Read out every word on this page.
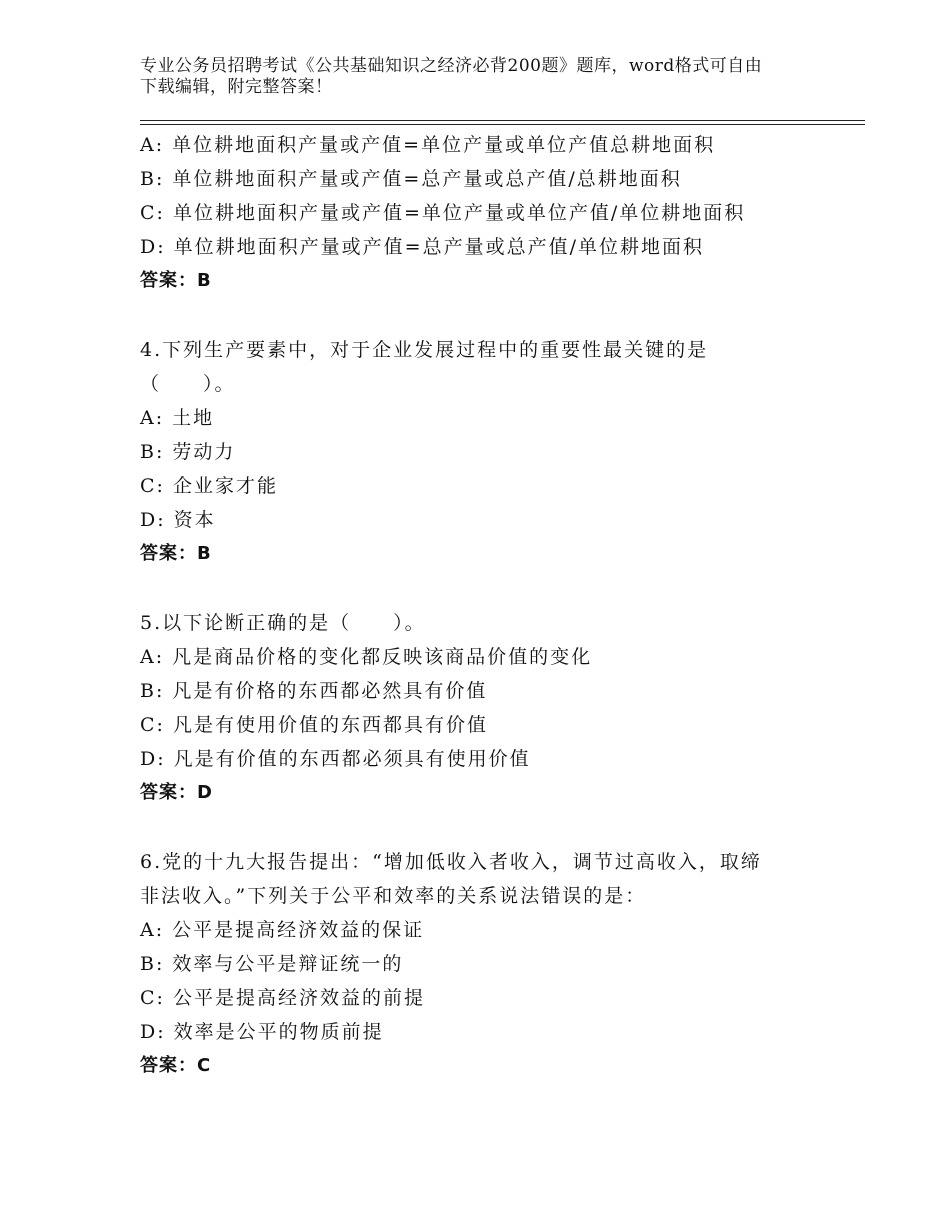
专业公务员招聘考试《公共基础知识之经济必背200题》题库，word格式可自由
下载编辑，附完整答案！
A: 单位耕地面积产量或产值=单位产量或单位产值总耕地面积
B: 单位耕地面积产量或产值=总产量或总产值/总耕地面积
C: 单位耕地面积产量或产值=单位产量或单位产值/单位耕地面积
D: 单位耕地面积产量或产值=总产量或总产值/单位耕地面积
答案：B
4.下列生产要素中，对于企业发展过程中的重要性最关键的是
（　　）。
A: 土地
B: 劳动力
C: 企业家才能
D: 资本
答案：B
5.以下论断正确的是（　　）。
A: 凡是商品价格的变化都反映该商品价值的变化
B: 凡是有价格的东西都必然具有价值
C: 凡是有使用价值的东西都具有价值
D: 凡是有价值的东西都必须具有使用价值
答案：D
6.党的十九大报告提出：“增加低收入者收入，调节过高收入，取缔
非法收入。”下列关于公平和效率的关系说法错误的是：
A: 公平是提高经济效益的保证
B: 效率与公平是辩证统一的
C: 公平是提高经济效益的前提
D: 效率是公平的物质前提
答案：C
